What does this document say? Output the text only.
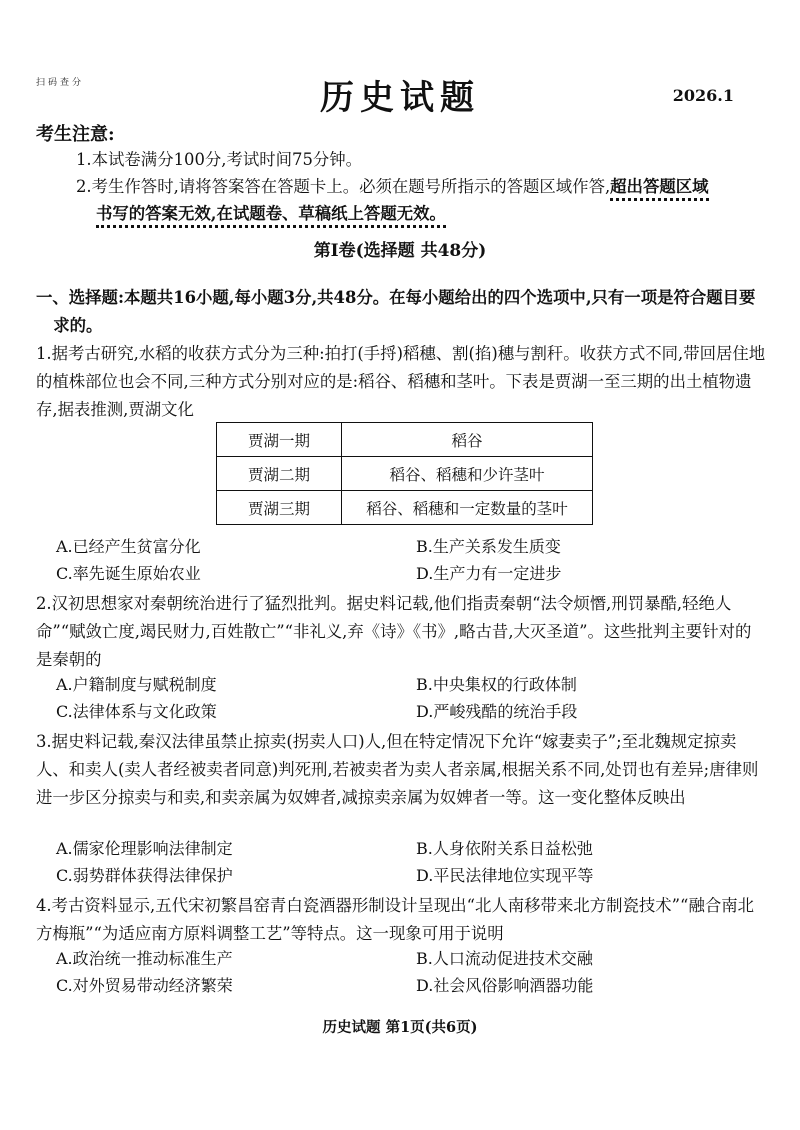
扫码查分	历史试题	2026.1
考生注意:
1.本试卷满分100分,考试时间75分钟。
2.考生作答时,请将答案答在答题卡上。必须在题号所指示的答题区域作答,超出答题区域
书写的答案无效,在试题卷、草稿纸上答题无效。
第Ⅰ卷(选择题 共48分)
一、选择题:本题共16小题,每小题3分,共48分。在每小题给出的四个选项中,只有一项是符合题目要求的。
1.据考古研究,水稻的收获方式分为三种:拍打(手捋)稻穗、割(掐)穗与割秆。收获方式不同,带回居住地的植株部位也会不同,三种方式分别对应的是:稻谷、稻穗和茎叶。下表是贾湖一至三期的出土植物遗存,据表推测,贾湖文化
贾湖一期	稻谷
贾湖二期	稻谷、稻穗和少许茎叶
贾湖三期	稻谷、稻穗和一定数量的茎叶
A.已经产生贫富分化	B.生产关系发生质变
C.率先诞生原始农业	D.生产力有一定进步
2.汉初思想家对秦朝统治进行了猛烈批判。据史料记载,他们指责秦朝“法令烦憯,刑罚暴酷,轻绝人命”“赋敛亡度,竭民财力,百姓散亡”“非礼义,弃《诗》《书》,略古昔,大灭圣道”。这些批判主要针对的是秦朝的
A.户籍制度与赋税制度	B.中央集权的行政体制
C.法律体系与文化政策	D.严峻残酷的统治手段
3.据史料记载,秦汉法律虽禁止掠卖(拐卖人口)人,但在特定情况下允许“嫁妻卖子”;至北魏规定掠卖人、和卖人(卖人者经被卖者同意)判死刑,若被卖者为卖人者亲属,根据关系不同,处罚也有差异;唐律则进一步区分掠卖与和卖,和卖亲属为奴婢者,减掠卖亲属为奴婢者一等。这一变化整体反映出
A.儒家伦理影响法律制定	B.人身依附关系日益松弛
C.弱势群体获得法律保护	D.平民法律地位实现平等
4.考古资料显示,五代宋初繁昌窑青白瓷酒器形制设计呈现出“北人南移带来北方制瓷技术”“融合南北方梅瓶”“为适应南方原料调整工艺”等特点。这一现象可用于说明
A.政治统一推动标准生产	B.人口流动促进技术交融
C.对外贸易带动经济繁荣	D.社会风俗影响酒器功能
历史试题 第1页(共6页)
